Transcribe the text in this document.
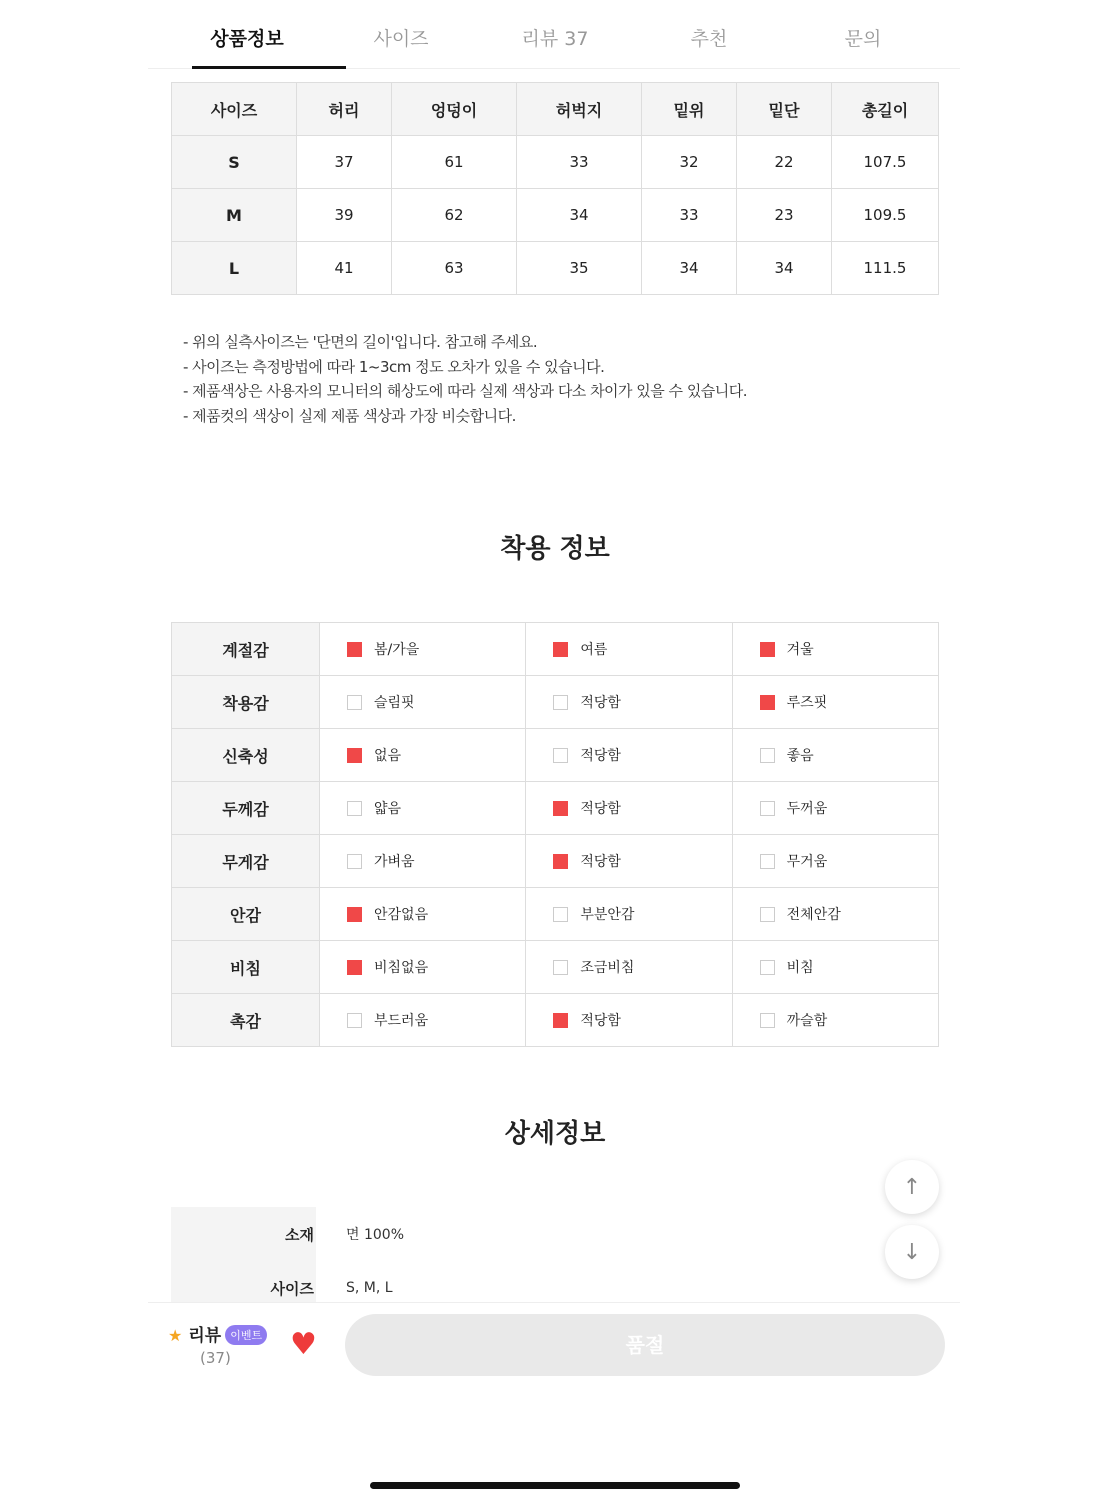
상품정보	사이즈	리뷰 37	추천	문의
사이즈	허리	엉덩이	허벅지	밑위	밑단	총길이
S	37	61	33	32	22	107.5
M	39	62	34	33	23	109.5
L	41	63	35	34	34	111.5
- 위의 실측사이즈는 '단면의 길이'입니다. 참고해 주세요.
- 사이즈는 측정방법에 따라 1~3cm 정도 오차가 있을 수 있습니다.
- 제품색상은 사용자의 모니터의 해상도에 따라 실제 색상과 다소 차이가 있을 수 있습니다.
- 제품컷의 색상이 실제 제품 색상과 가장 비슷합니다.
착용 정보
계절감	봄/가을	여름	겨울
착용감	슬림핏	적당함	루즈핏
신축성	없음	적당함	좋음
두께감	얇음	적당함	두꺼움
무게감	가벼움	적당함	무거움
안감	안감없음	부분안감	전체안감
비침	비침없음	조금비침	비침
촉감	부드러움	적당함	까슬함
상세정보
소재	면 100%
사이즈	S, M, L
↑
↓
★ 리뷰 이벤트
(37) ♥	품절
